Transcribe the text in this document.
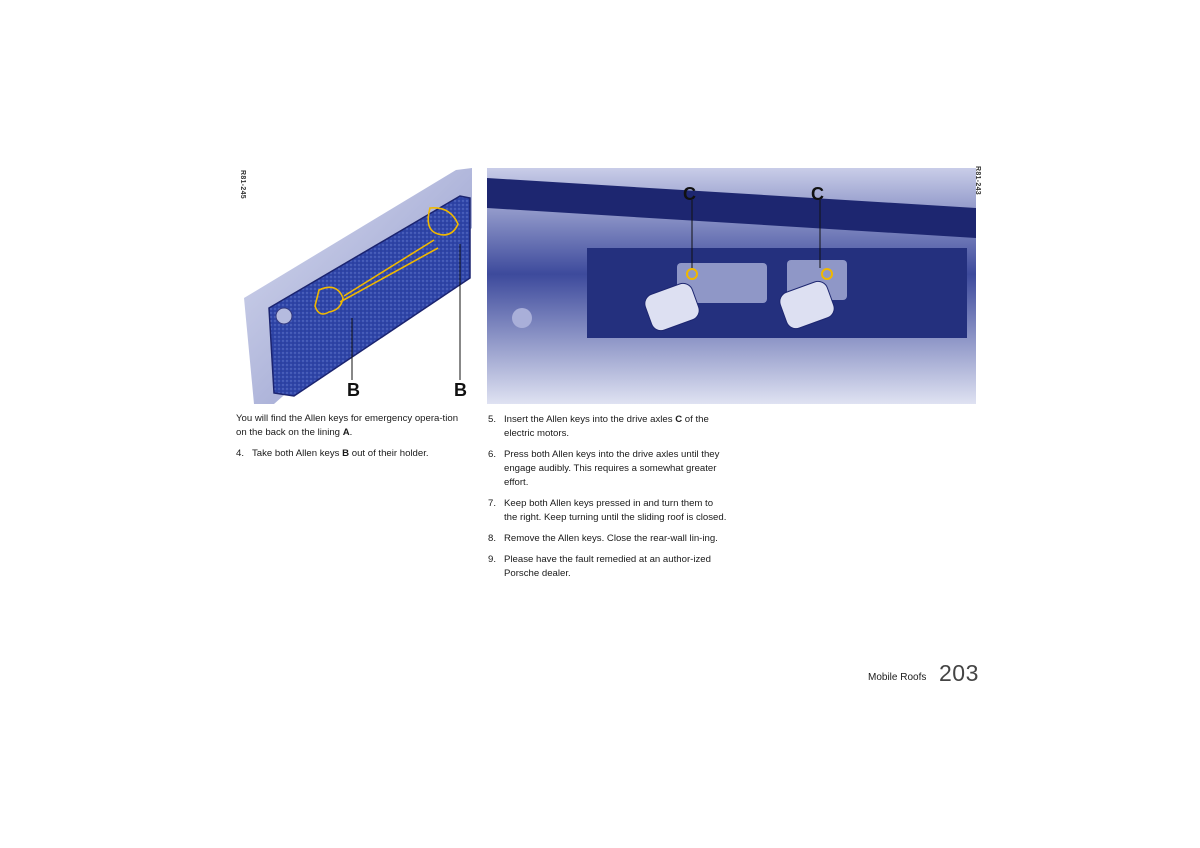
B	B
R81-245	C	C	R81-243

You will find the Allen keys for emergency opera-tion on the back on the lining A.

4. Take both Allen keys B out of their holder.
5. Insert the Allen keys into the drive axles C of the electric motors.
6. Press both Allen keys into the drive axles until they engage audibly. This requires a somewhat greater effort.
7. Keep both Allen keys pressed in and turn them to the right. Keep turning until the sliding roof is closed.
8. Remove the Allen keys. Close the rear-wall lin-ing.
9. Please have the fault remedied at an author-ized Porsche dealer.
Mobile Roofs 203
